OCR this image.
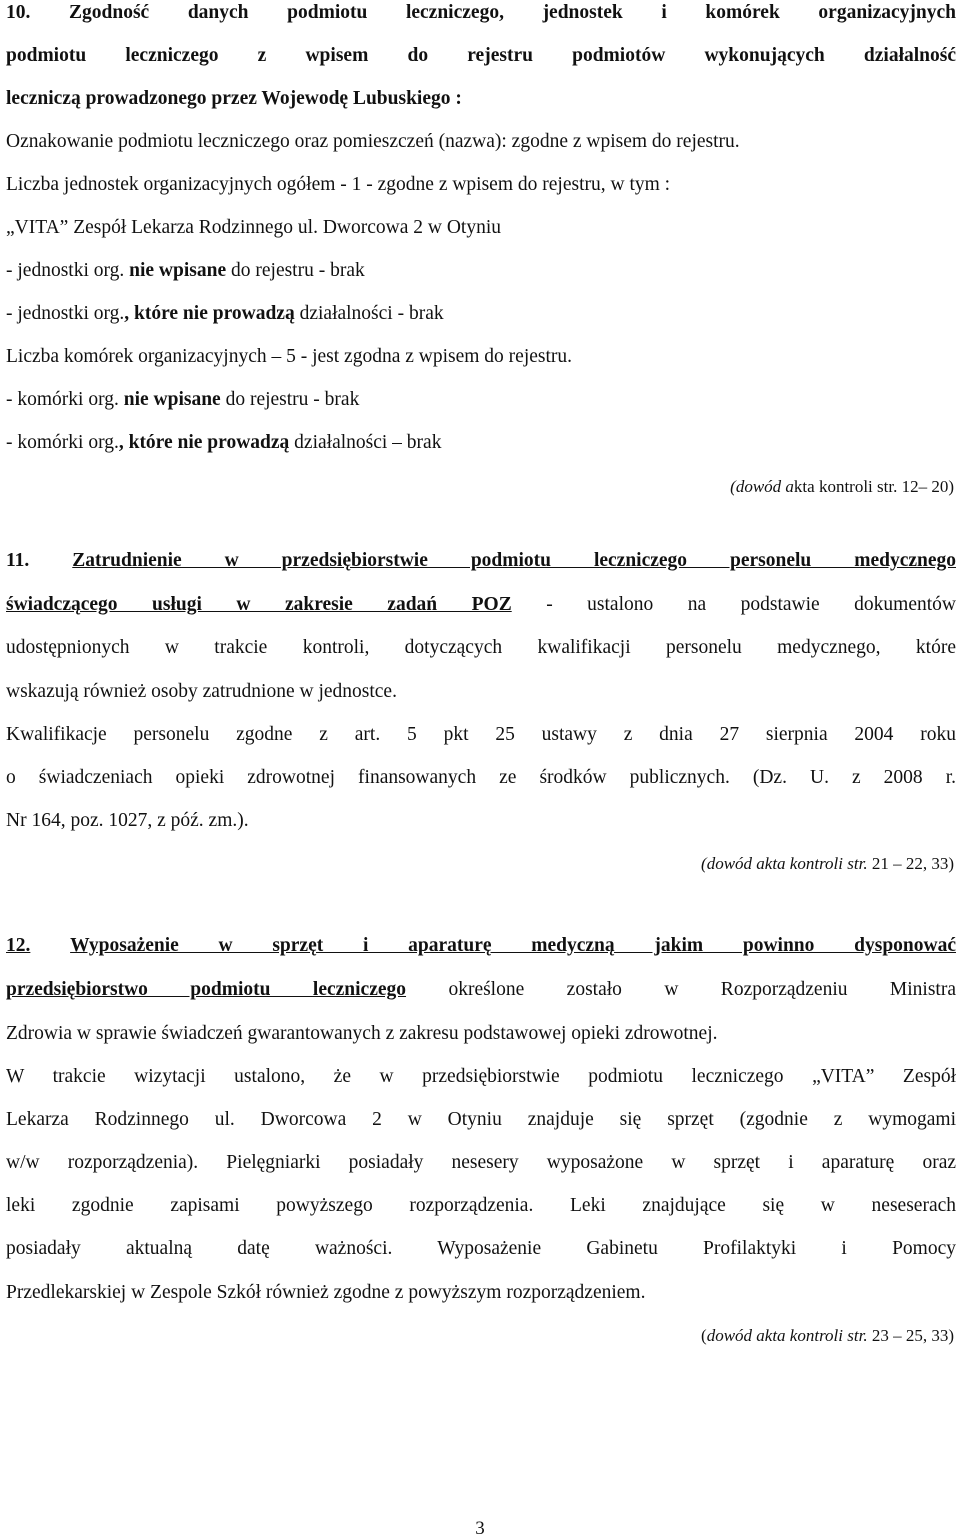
10. Zgodność danych podmiotu leczniczego, jednostek i komórek organizacyjnych
podmiotu leczniczego z wpisem do rejestru podmiotów wykonujących działalność
leczniczą prowadzonego przez Wojewodę Lubuskiego :
Oznakowanie podmiotu leczniczego oraz pomieszczeń (nazwa): zgodne z wpisem do rejestru.
Liczba jednostek organizacyjnych ogółem - 1 - zgodne z wpisem do rejestru, w tym :
„VITA” Zespół Lekarza Rodzinnego ul. Dworcowa 2 w Otyniu
- jednostki org. nie wpisane do rejestru - brak
- jednostki org., które nie prowadzą działalności - brak
Liczba komórek organizacyjnych – 5 - jest zgodna z wpisem do rejestru.
- komórki org. nie wpisane do rejestru - brak
- komórki org., które nie prowadzą działalności – brak
(dowód akta kontroli str. 12– 20)
11. Zatrudnienie w przedsiębiorstwie podmiotu leczniczego personelu medycznego
świadczącego usługi w zakresie zadań POZ - ustalono na podstawie dokumentów
udostępnionych w trakcie kontroli, dotyczących kwalifikacji personelu medycznego, które
wskazują również osoby zatrudnione w jednostce.
Kwalifikacje personelu zgodne z art. 5 pkt 25 ustawy z dnia 27 sierpnia 2004 roku
o świadczeniach opieki zdrowotnej finansowanych ze środków publicznych. (Dz. U. z 2008 r.
Nr 164, poz. 1027, z póź. zm.).
(dowód akta kontroli str. 21 – 22, 33)
12. Wyposażenie w sprzęt i aparaturę medyczną jakim powinno dysponować
przedsiębiorstwo podmiotu leczniczego określone zostało w Rozporządzeniu Ministra
Zdrowia w sprawie świadczeń gwarantowanych z zakresu podstawowej opieki zdrowotnej.
W trakcie wizytacji ustalono, że w przedsiębiorstwie podmiotu leczniczego „VITA” Zespół
Lekarza Rodzinnego ul. Dworcowa 2 w Otyniu znajduje się sprzęt (zgodnie z wymogami
w/w rozporządzenia). Pielęgniarki posiadały nesesery wyposażone w sprzęt i aparaturę oraz
leki zgodnie zapisami powyższego rozporządzenia. Leki znajdujące się w neseserach
posiadały aktualną datę ważności. Wyposażenie Gabinetu Profilaktyki i Pomocy
Przedlekarskiej w Zespole Szkół również zgodne z powyższym rozporządzeniem.
(dowód akta kontroli str. 23 – 25, 33)
3
